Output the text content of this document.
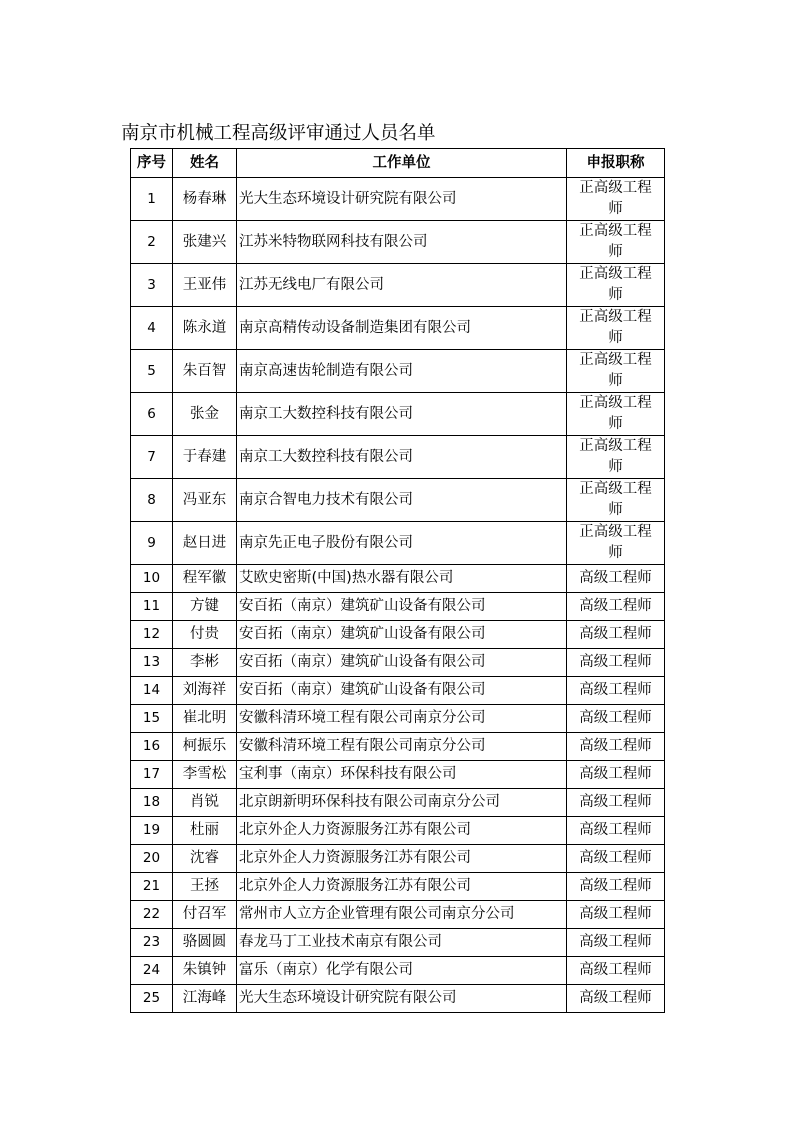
南京市机械工程高级评审通过人员名单
序号	姓名	工作单位	申报职称
1	杨春琳	光大生态环境设计研究院有限公司	正高级工程师
2	张建兴	江苏米特物联网科技有限公司	正高级工程师
3	王亚伟	江苏无线电厂有限公司	正高级工程师
4	陈永道	南京高精传动设备制造集团有限公司	正高级工程师
5	朱百智	南京高速齿轮制造有限公司	正高级工程师
6	张金	南京工大数控科技有限公司	正高级工程师
7	于春建	南京工大数控科技有限公司	正高级工程师
8	冯亚东	南京合智电力技术有限公司	正高级工程师
9	赵日进	南京先正电子股份有限公司	正高级工程师
10	程军徽	艾欧史密斯(中国)热水器有限公司	高级工程师
11	方键	安百拓（南京）建筑矿山设备有限公司	高级工程师
12	付贵	安百拓（南京）建筑矿山设备有限公司	高级工程师
13	李彬	安百拓（南京）建筑矿山设备有限公司	高级工程师
14	刘海祥	安百拓（南京）建筑矿山设备有限公司	高级工程师
15	崔北明	安徽科清环境工程有限公司南京分公司	高级工程师
16	柯振乐	安徽科清环境工程有限公司南京分公司	高级工程师
17	李雪松	宝利事（南京）环保科技有限公司	高级工程师
18	肖锐	北京朗新明环保科技有限公司南京分公司	高级工程师
19	杜丽	北京外企人力资源服务江苏有限公司	高级工程师
20	沈睿	北京外企人力资源服务江苏有限公司	高级工程师
21	王拯	北京外企人力资源服务江苏有限公司	高级工程师
22	付召军	常州市人立方企业管理有限公司南京分公司	高级工程师
23	骆圆圆	春龙马丁工业技术南京有限公司	高级工程师
24	朱镇钟	富乐（南京）化学有限公司	高级工程师
25	江海峰	光大生态环境设计研究院有限公司	高级工程师
